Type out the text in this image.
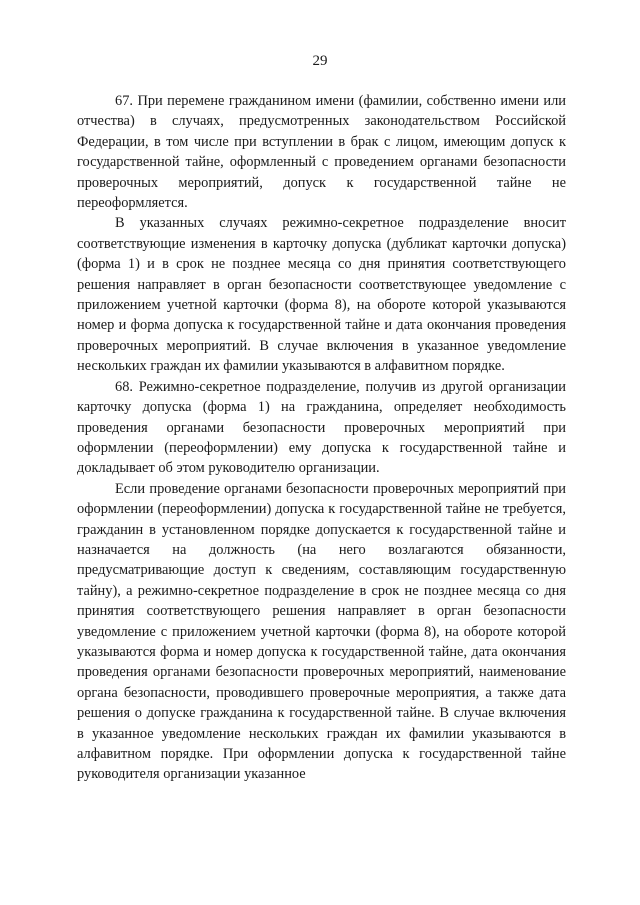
29

67. При перемене гражданином имени (фамилии, собственно имени или отчества) в случаях, предусмотренных законодательством Российской Федерации, в том числе при вступлении в брак с лицом, имеющим допуск к государственной тайне, оформленный с проведением органами безопасности проверочных мероприятий, допуск к государственной тайне не переоформляется.

В указанных случаях режимно-секретное подразделение вносит соответствующие изменения в карточку допуска (дубликат карточки допуска) (форма 1) и в срок не позднее месяца со дня принятия соответствующего решения направляет в орган безопасности соответствующее уведомление с приложением учетной карточки (форма 8), на обороте которой указываются номер и форма допуска к государственной тайне и дата окончания проведения проверочных мероприятий. В случае включения в указанное уведомление нескольких граждан их фамилии указываются в алфавитном порядке.

68. Режимно-секретное подразделение, получив из другой организации карточку допуска (форма 1) на гражданина, определяет необходимость проведения органами безопасности проверочных мероприятий при оформлении (переоформлении) ему допуска к государственной тайне и докладывает об этом руководителю организации.

Если проведение органами безопасности проверочных мероприятий при оформлении (переоформлении) допуска к государственной тайне не требуется, гражданин в установленном порядке допускается к государственной тайне и назначается на должность (на него возлагаются обязанности, предусматривающие доступ к сведениям, составляющим государственную тайну), а режимно-секретное подразделение в срок не позднее месяца со дня принятия соответствующего решения направляет в орган безопасности уведомление с приложением учетной карточки (форма 8), на обороте которой указываются форма и номер допуска к государственной тайне, дата окончания проведения органами безопасности проверочных мероприятий, наименование органа безопасности, проводившего проверочные мероприятия, а также дата решения о допуске гражданина к государственной тайне. В случае включения в указанное уведомление нескольких граждан их фамилии указываются в алфавитном порядке. При оформлении допуска к государственной тайне руководителя организации указанное
